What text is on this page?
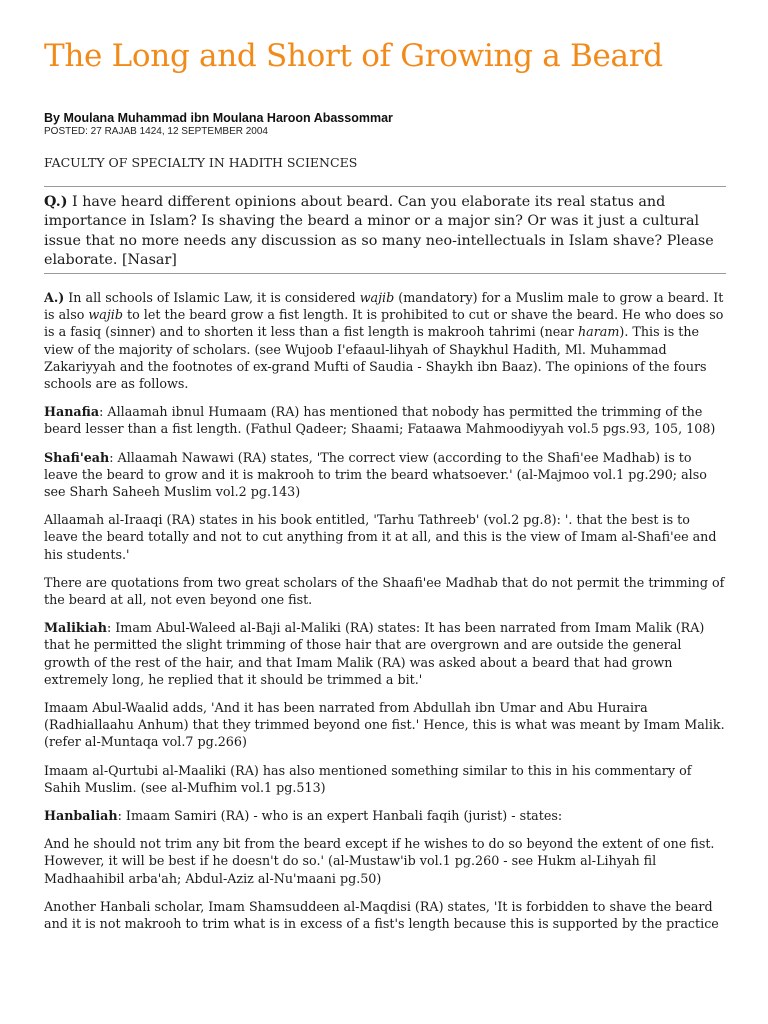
The Long and Short of Growing a Beard
By Moulana Muhammad ibn Moulana Haroon Abassommar
POSTED: 27 RAJAB 1424, 12 SEPTEMBER 2004
FACULTY OF SPECIALTY IN HADITH SCIENCES
Q.) I have heard different opinions about beard. Can you elaborate its real status and importance in Islam? Is shaving the beard a minor or a major sin? Or was it just a cultural issue that no more needs any discussion as so many neo-intellectuals in Islam shave? Please elaborate. [Nasar]

A.) In all schools of Islamic Law, it is considered wajib (mandatory) for a Muslim male to grow a beard. It is also wajib to let the beard grow a fist length. It is prohibited to cut or shave the beard. He who does so is a fasiq (sinner) and to shorten it less than a fist length is makrooh tahrimi (near haram). This is the view of the majority of scholars. (see Wujoob I'efaaul-lihyah of Shaykhul Hadith, Ml. Muhammad Zakariyyah and the footnotes of ex-grand Mufti of Saudia - Shaykh ibn Baaz). The opinions of the fours schools are as follows.

Hanafia: Allaamah ibnul Humaam (RA) has mentioned that nobody has permitted the trimming of the beard lesser than a fist length. (Fathul Qadeer; Shaami; Fataawa Mahmoodiyyah vol.5 pgs.93, 105, 108)

Shafi'eah: Allaamah Nawawi (RA) states, 'The correct view (according to the Shafi'ee Madhab) is to leave the beard to grow and it is makrooh to trim the beard whatsoever.' (al-Majmoo vol.1 pg.290; also see Sharh Saheeh Muslim vol.2 pg.143)

Allaamah al-Iraaqi (RA) states in his book entitled, 'Tarhu Tathreeb' (vol.2 pg.8): '. that the best is to leave the beard totally and not to cut anything from it at all, and this is the view of Imam al-Shafi'ee and his students.'

There are quotations from two great scholars of the Shaafi'ee Madhab that do not permit the trimming of the beard at all, not even beyond one fist.

Malikiah: Imam Abul-Waleed al-Baji al-Maliki (RA) states: It has been narrated from Imam Malik (RA) that he permitted the slight trimming of those hair that are overgrown and are outside the general growth of the rest of the hair, and that Imam Malik (RA) was asked about a beard that had grown extremely long, he replied that it should be trimmed a bit.'

Imaam Abul-Waalid adds, 'And it has been narrated from Abdullah ibn Umar and Abu Huraira (Radhiallaahu Anhum) that they trimmed beyond one fist.' Hence, this is what was meant by Imam Malik. (refer al-Muntaqa vol.7 pg.266)

Imaam al-Qurtubi al-Maaliki (RA) has also mentioned something similar to this in his commentary of Sahih Muslim. (see al-Mufhim vol.1 pg.513)

Hanbaliah: Imaam Samiri (RA) - who is an expert Hanbali faqih (jurist) - states:

And he should not trim any bit from the beard except if he wishes to do so beyond the extent of one fist. However, it will be best if he doesn't do so.' (al-Mustaw'ib vol.1 pg.260 - see Hukm al-Lihyah fil Madhaahibil arba'ah; Abdul-Aziz al-Nu'maani pg.50)

Another Hanbali scholar, Imam Shamsuddeen al-Maqdisi (RA) states, 'It is forbidden to shave the beard and it is not makrooh to trim what is in excess of a fist's length because this is supported by the practice
